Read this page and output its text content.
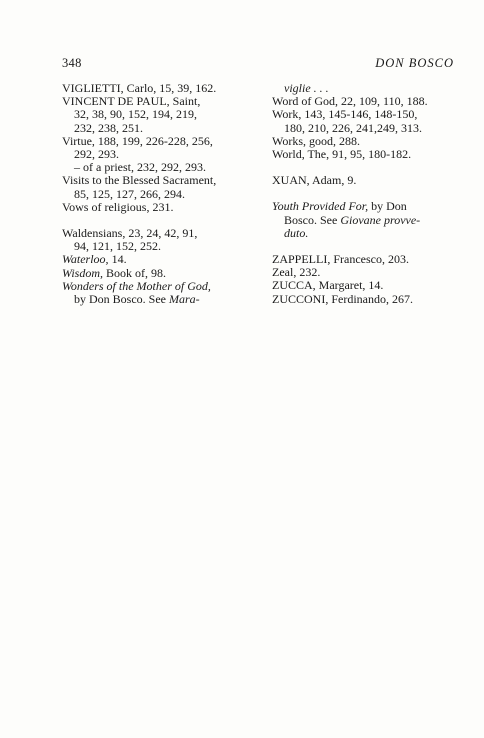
348	DON BOSCO
VIGLIETTI, Carlo, 15, 39, 162.
VINCENT DE PAUL, Saint,
32, 38, 90, 152, 194, 219,
232, 238, 251.
Virtue, 188, 199, 226-228, 256,
292, 293.
– of a priest, 232, 292, 293.
Visits to the Blessed Sacrament,
85, 125, 127, 266, 294.
Vows of religious, 231.
Waldensians, 23, 24, 42, 91,
94, 121, 152, 252.
Waterloo, 14.
Wisdom, Book of, 98.
Wonders of the Mother of God,
by Don Bosco. See Mara-
viglie . . .
Word of God, 22, 109, 110, 188.
Work, 143, 145-146, 148-150,
180, 210, 226, 241,249, 313.
Works, good, 288.
World, The, 91, 95, 180-182.
XUAN, Adam, 9.
Youth Provided For, by Don
Bosco. See Giovane provve-
duto.
ZAPPELLI, Francesco, 203.
Zeal, 232.
ZUCCA, Margaret, 14.
ZUCCONI, Ferdinando, 267.
